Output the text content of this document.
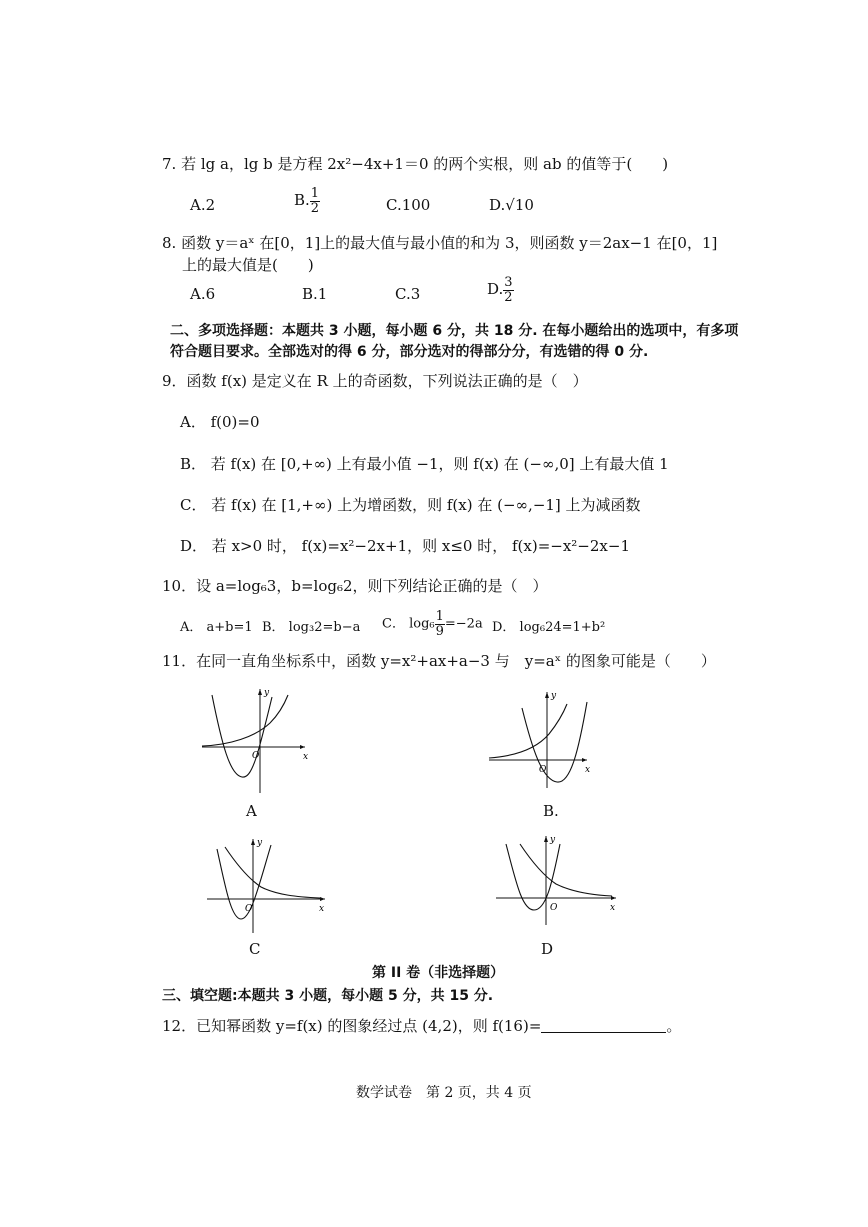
7. 若 lg a，lg b 是方程 2x²−4x+1＝0 的两个实根，则 ab 的值等于(　　)
A.2	B. $\frac{1}{2}$	C.100	D.√10
8. 函数 y＝aˣ 在[0，1]上的最大值与最小值的和为 3，则函数 y＝2ax−1 在[0，1]
上的最大值是(　　)
A.6	B.1	C.3	D. $\frac{3}{2}$
二、多项选择题：本题共 3 小题，每小题 6 分，共 18 分. 在每小题给出的选项中，有多项
符合题目要求。全部选对的得 6 分，部分选对的得部分分，有选错的得 0 分.
9．函数 f(x) 是定义在 R 上的奇函数，下列说法正确的是（　）
A． f(0)=0
B． 若 f(x) 在 [0,+∞) 上有最小值 −1，则 f(x) 在 (−∞,0] 上有最大值 1
C． 若 f(x) 在 [1,+∞) 上为增函数，则 f(x) 在 (−∞,−1] 上为减函数
D． 若 x>0 时， f(x)=x²−2x+1，则 x≤0 时， f(x)=−x²−2x−1
10．设 a=log₆3，b=log₆2，则下列结论正确的是（　）
A． a+b=1 B． log₃2=b−a C． $\log_6 \frac{1}{9} =-2a$ D． log₆24=1+b²
11．在同一直角坐标系中，函数 y=x²+ax+a−3 与　y=aˣ 的图象可能是（　　）
O	x
y
A
O	x
y
B.
O	x
y
C
O	x
y
D
第 II 卷（非选择题）
三、填空题:本题共 3 小题，每小题 5 分，共 15 分.
12．已知幂函数 y=f(x) 的图象经过点 (4,2)，则 f(16)=	。
数学试卷　第 2 页，共 4 页
